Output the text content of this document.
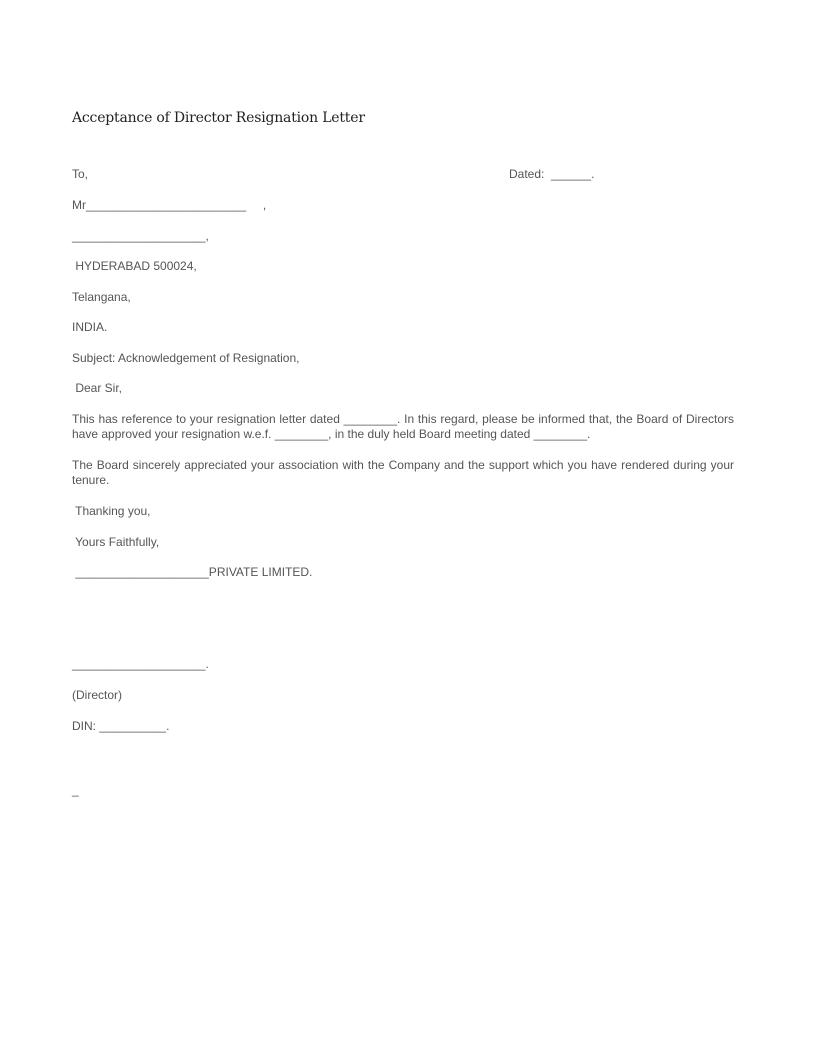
Acceptance of Director Resignation Letter
To,	Dated:  ______.
Mr________________________     ,
____________________,
HYDERABAD 500024,
Telangana,
INDIA.
Subject: Acknowledgement of Resignation,
Dear Sir,
This has reference to your resignation letter dated ________. In this regard, please be informed that, the Board of Directors have approved your resignation w.e.f. ________, in the duly held Board meeting dated ________.
The Board sincerely appreciated your association with the Company and the support which you have rendered during your tenure.
Thanking you,
Yours Faithfully,
____________________PRIVATE LIMITED.
____________________.
(Director)
DIN: __________.
_
